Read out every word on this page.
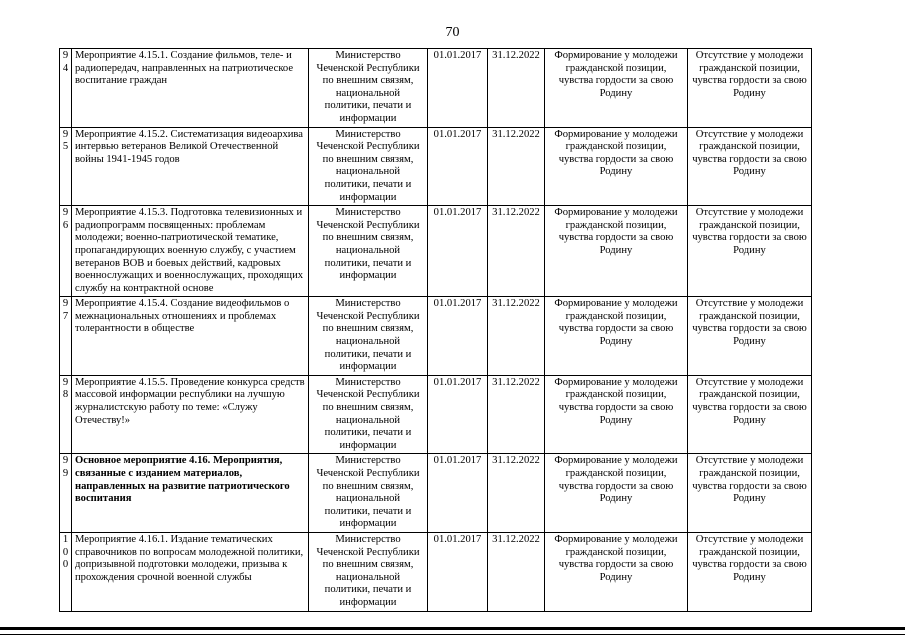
70
9
4	Мероприятие 4.15.1. Создание фильмов, теле- и радиопередач, направленных на патриотическое воспитание граждан	Министерство Чеченской Республики по внешним связям, национальной политики, печати и информации	01.01.2017	31.12.2022	Формирование у молодежи гражданской позиции, чувства гордости за свою Родину	Отсутствие у молодежи гражданской позиции, чувства гордости за свою Родину

9
5	Мероприятие 4.15.2. Систематизация видеоархива интервью ветеранов Великой Отечественной войны 1941-1945 годов	Министерство Чеченской Республики по внешним связям, национальной политики, печати и информации	01.01.2017	31.12.2022	Формирование у молодежи гражданской позиции, чувства гордости за свою Родину	Отсутствие у молодежи гражданской позиции, чувства гордости за свою Родину

9
6	Мероприятие 4.15.3. Подготовка телевизионных и радиопрограмм посвященных: проблемам молодежи; военно-патриотической тематике, пропагандирующих военную службу, с участием ветеранов ВОВ и боевых действий, кадровых военнослужащих и военнослужащих, проходящих службу на контрактной основе	Министерство Чеченской Республики по внешним связям, национальной политики, печати и информации	01.01.2017	31.12.2022	Формирование у молодежи гражданской позиции, чувства гордости за свою Родину	Отсутствие у молодежи гражданской позиции, чувства гордости за свою Родину

9
7	Мероприятие 4.15.4. Создание видеофильмов о межнациональных отношениях и проблемах толерантности в обществе	Министерство Чеченской Республики по внешним связям, национальной политики, печати и информации	01.01.2017	31.12.2022	Формирование у молодежи гражданской позиции, чувства гордости за свою Родину	Отсутствие у молодежи гражданской позиции, чувства гордости за свою Родину

9
8	Мероприятие 4.15.5. Проведение конкурса средств массовой информации республики на лучшую журналистскую работу по теме: «Служу Отечеству!»	Министерство Чеченской Республики по внешним связям, национальной политики, печати и информации	01.01.2017	31.12.2022	Формирование у молодежи гражданской позиции, чувства гордости за свою Родину	Отсутствие у молодежи гражданской позиции, чувства гордости за свою Родину

9
9	Основное мероприятие 4.16. Мероприятия, связанные с изданием материалов, направленных на развитие патриотического воспитания	Министерство Чеченской Республики по внешним связям, национальной политики, печати и информации	01.01.2017	31.12.2022	Формирование у молодежи гражданской позиции, чувства гордости за свою Родину	Отсутствие у молодежи гражданской позиции, чувства гордости за свою Родину

1
0
0	Мероприятие 4.16.1. Издание тематических справочников по вопросам молодежной политики, допризывной подготовки молодежи, призыва к прохождения срочной военной службы	Министерство Чеченской Республики по внешним связям, национальной политики, печати и информации	01.01.2017	31.12.2022	Формирование у молодежи гражданской позиции, чувства гордости за свою Родину	Отсутствие у молодежи гражданской позиции, чувства гордости за свою Родину
